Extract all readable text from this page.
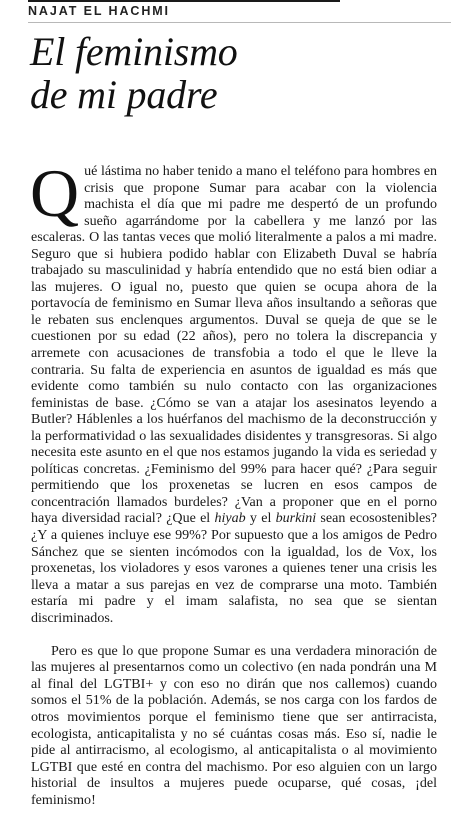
NAJAT EL HACHMI
El feminismo
de mi padre

Qué lástima no haber tenido a mano el teléfono para hombres en crisis que propone Sumar para acabar con la violencia machista el día que mi padre me despertó de un profundo sueño agarrándome por la cabellera y me lanzó por las escaleras. O las tantas veces que molió literalmente a palos a mi madre. Seguro que si hubiera podido hablar con Elizabeth Duval se habría trabajado su masculinidad y habría entendido que no está bien odiar a las mujeres. O igual no, puesto que quien se ocupa ahora de la portavocía de feminismo en Sumar lleva años insultando a señoras que le rebaten sus enclenques argumentos. Duval se queja de que se le cuestionen por su edad (22 años), pero no tolera la discrepancia y arremete con acusaciones de transfobia a todo el que le lleve la contraria. Su falta de experiencia en asuntos de igualdad es más que evidente como también su nulo contacto con las organizaciones feministas de base. ¿Cómo se van a atajar los asesinatos leyendo a Butler? Háblenles a los huérfanos del machismo de la deconstrucción y la performatividad o las sexualidades disidentes y transgresoras. Si algo necesita este asunto en el que nos estamos jugando la vida es seriedad y políticas concretas. ¿Feminismo del 99% para hacer qué? ¿Para seguir permitiendo que los proxenetas se lucren en esos campos de concentración llamados burdeles? ¿Van a proponer que en el porno haya diversidad racial? ¿Que el hiyab y el burkini sean ecosostenibles? ¿Y a quienes incluye ese 99%? Por supuesto que a los amigos de Pedro Sánchez que se sienten incómodos con la igualdad, los de Vox, los proxenetas, los violadores y esos varones a quienes tener una crisis les lleva a matar a sus parejas en vez de comprarse una moto. También estaría mi padre y el imam salafista, no sea que se sientan discriminados.

Pero es que lo que propone Sumar es una verdadera minoración de las mujeres al presentarnos como un colectivo (en nada pondrán una M al final del LGTBI+ y con eso no dirán que nos callemos) cuando somos el 51% de la población. Además, se nos carga con los fardos de otros movimientos porque el feminismo tiene que ser antirracista, ecologista, anticapitalista y no sé cuántas cosas más. Eso sí, nadie le pide al antirracismo, al ecologismo, al anticapitalista o al movimiento LGTBI que esté en contra del machismo. Por eso alguien con un largo historial de insultos a mujeres puede ocuparse, qué cosas, ¡del feminismo!
